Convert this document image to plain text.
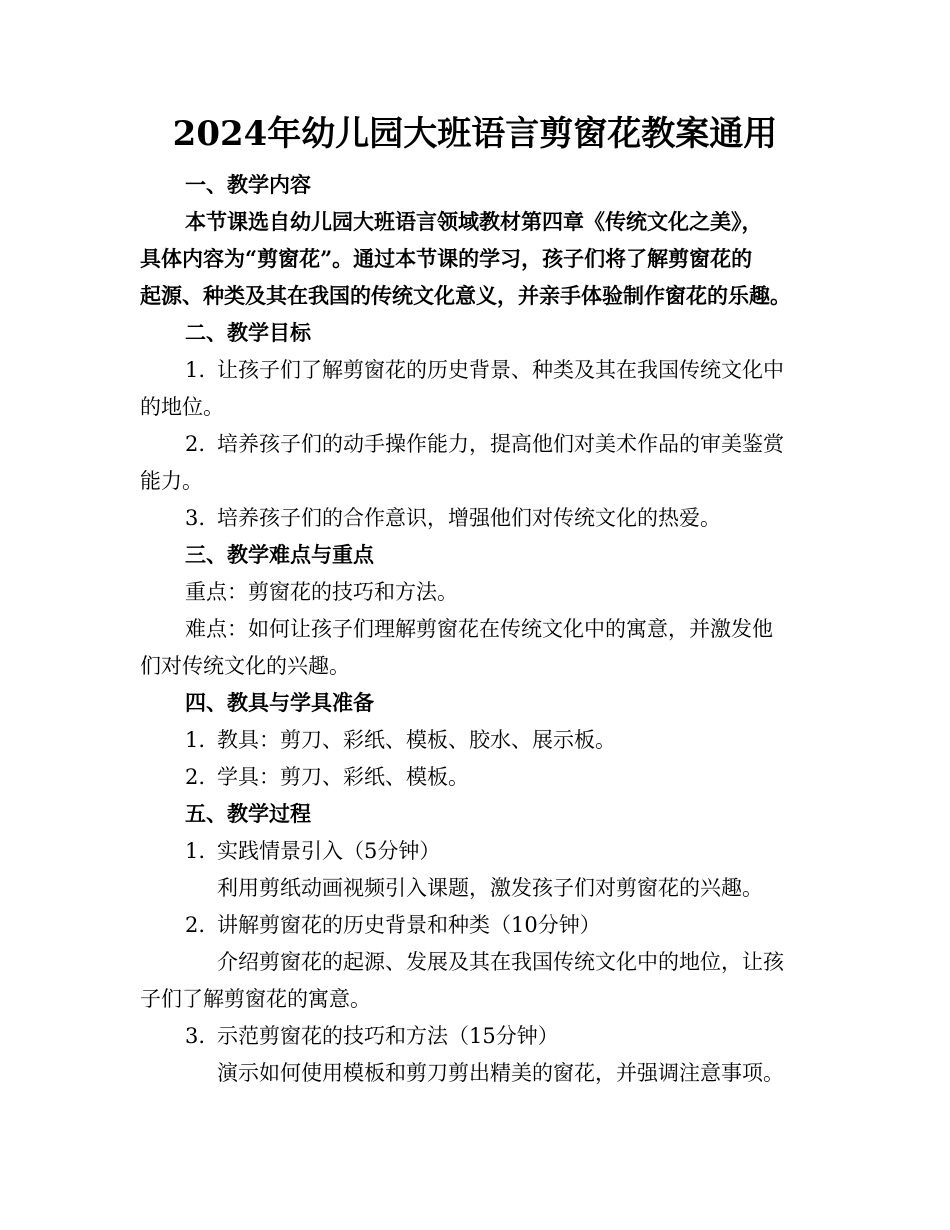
2024年幼儿园大班语言剪窗花教案通用
一、教学内容
本节课选自幼儿园大班语言领域教材第四章《传统文化之美》，
具体内容为“剪窗花”。通过本节课的学习，孩子们将了解剪窗花的
起源、种类及其在我国的传统文化意义，并亲手体验制作窗花的乐趣。
二、教学目标
1. 让孩子们了解剪窗花的历史背景、种类及其在我国传统文化中
的地位。
2. 培养孩子们的动手操作能力，提高他们对美术作品的审美鉴赏
能力。
3. 培养孩子们的合作意识，增强他们对传统文化的热爱。
三、教学难点与重点
重点：剪窗花的技巧和方法。
难点：如何让孩子们理解剪窗花在传统文化中的寓意，并激发他
们对传统文化的兴趣。
四、教具与学具准备
1. 教具：剪刀、彩纸、模板、胶水、展示板。
2. 学具：剪刀、彩纸、模板。
五、教学过程
1. 实践情景引入（5分钟）
利用剪纸动画视频引入课题，激发孩子们对剪窗花的兴趣。
2. 讲解剪窗花的历史背景和种类（10分钟）
介绍剪窗花的起源、发展及其在我国传统文化中的地位，让孩
子们了解剪窗花的寓意。
3. 示范剪窗花的技巧和方法（15分钟）
演示如何使用模板和剪刀剪出精美的窗花，并强调注意事项。
